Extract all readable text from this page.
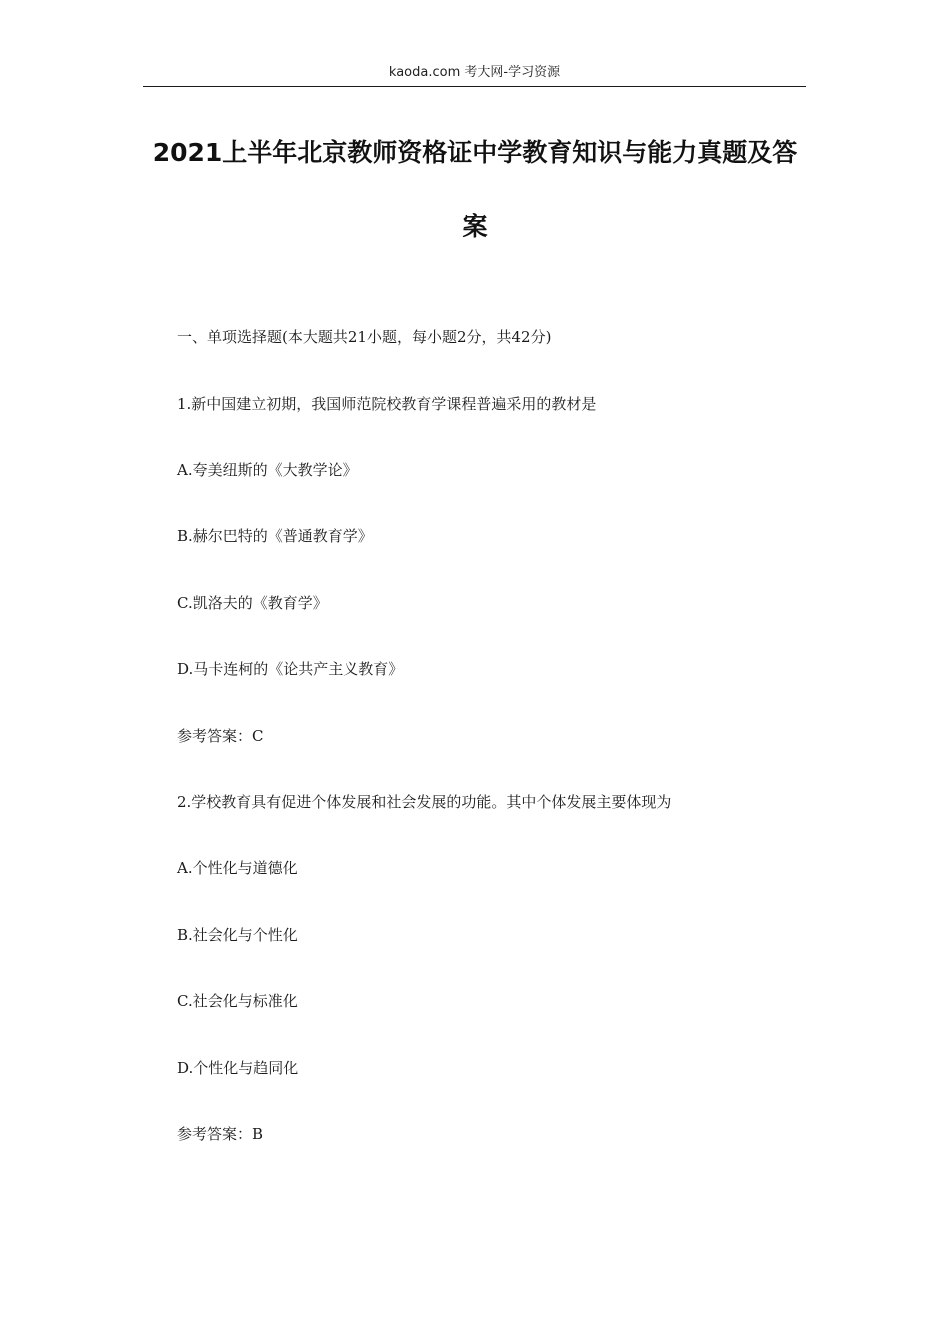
kaoda.com 考大网-学习资源
2021上半年北京教师资格证中学教育知识与能力真题及答
案

一、单项选择题(本大题共21小题，每小题2分，共42分)

1.新中国建立初期，我国师范院校教育学课程普遍采用的教材是

A.夸美纽斯的《大教学论》

B.赫尔巴特的《普通教育学》

C.凯洛夫的《教育学》

D.马卡连柯的《论共产主义教育》

参考答案：C

2.学校教育具有促进个体发展和社会发展的功能。其中个体发展主要体现为

A.个性化与道德化

B.社会化与个性化

C.社会化与标准化

D.个性化与趋同化

参考答案：B
